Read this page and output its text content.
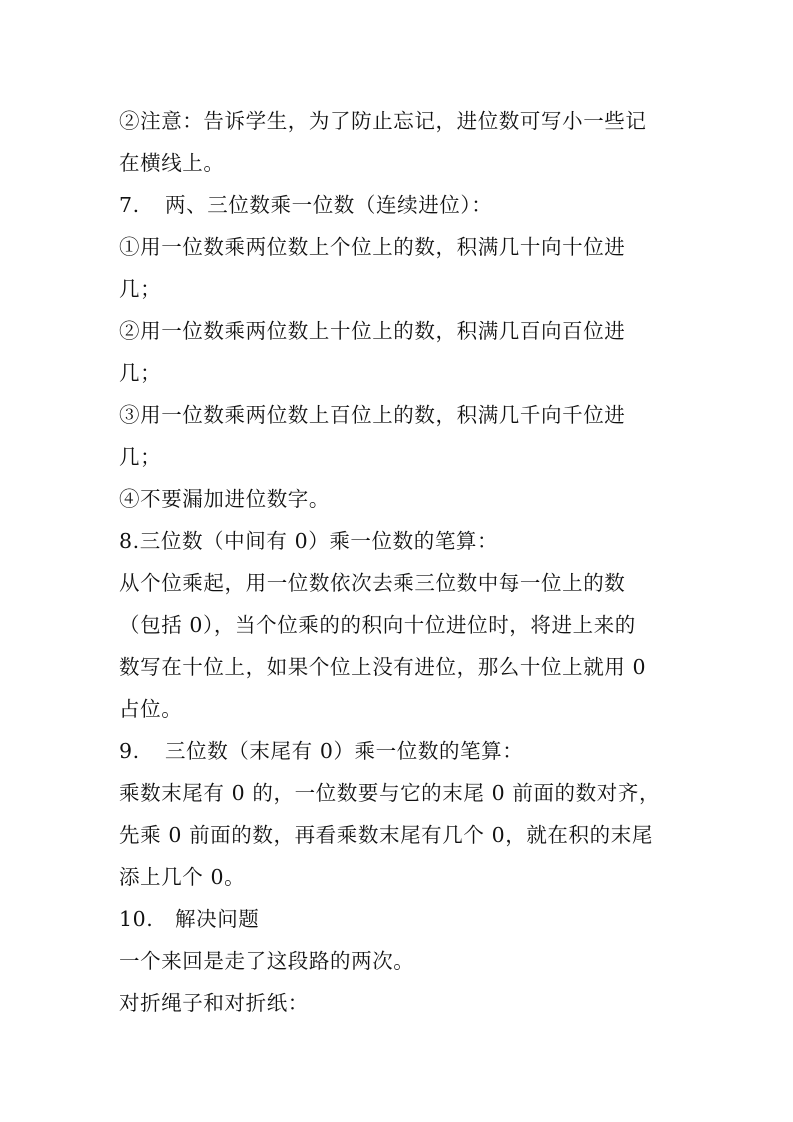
②注意：告诉学生，为了防止忘记，进位数可写小一些记
在横线上。
7. 两、三位数乘一位数（连续进位）：
①用一位数乘两位数上个位上的数，积满几十向十位进
几；
②用一位数乘两位数上十位上的数，积满几百向百位进
几；
③用一位数乘两位数上百位上的数，积满几千向千位进
几；
④不要漏加进位数字。
8.三位数（中间有 0）乘一位数的笔算：
从个位乘起，用一位数依次去乘三位数中每一位上的数
（包括 0），当个位乘的的积向十位进位时，将进上来的
数写在十位上，如果个位上没有进位，那么十位上就用 0
占位。
9. 三位数（末尾有 0）乘一位数的笔算：
乘数末尾有 0 的，一位数要与它的末尾 0 前面的数对齐，
先乘 0 前面的数，再看乘数末尾有几个 0，就在积的末尾
添上几个 0。
10. 解决问题
一个来回是走了这段路的两次。
对折绳子和对折纸：
